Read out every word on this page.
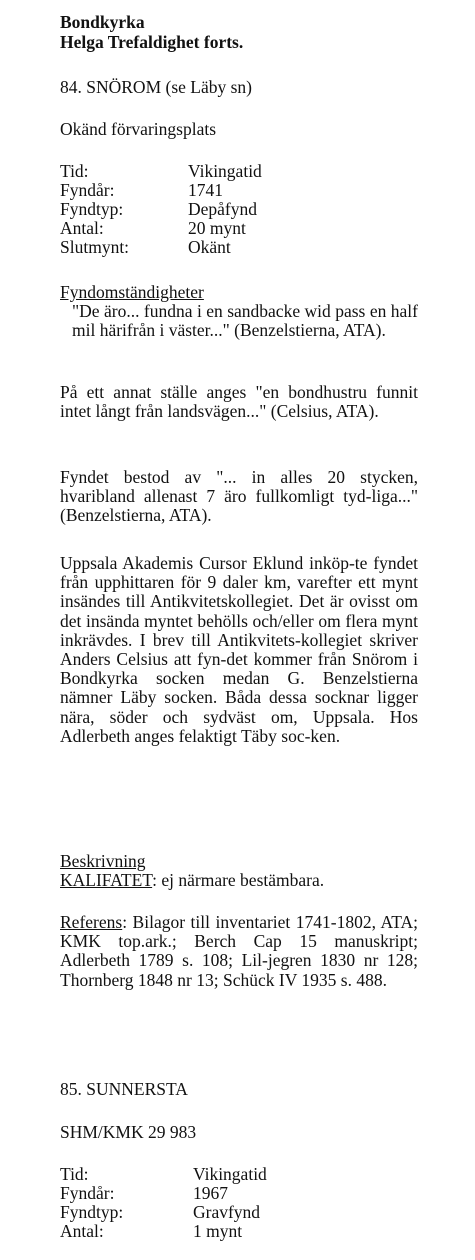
Bondkyrka
Helga Trefaldighet forts.
84. SNÖROM (se Läby sn)
Okänd förvaringsplats
Tid:	Vikingatid
Fyndår:	1741
Fyndtyp:	Depåfynd
Antal:	20 mynt
Slutmynt:	Okänt
Fyndomständigheter
"De äro... fundna i en sandbacke wid pass en half mil härifrån i väster..." (Benzelstierna, ATA).
På ett annat ställe anges "en bondhustru funnit intet långt från landsvägen..." (Celsius, ATA).
Fyndet bestod av "... in alles 20 stycken, hvaribland allenast 7 äro fullkomligt tyd-liga..." (Benzelstierna, ATA).
Uppsala Akademis Cursor Eklund inköp-te fyndet från upphittaren för 9 daler km, varefter ett mynt insändes till Antikvitetskollegiet. Det är ovisst om det insända myntet behölls och/eller om flera mynt inkrävdes. I brev till Antikvitets-kollegiet skriver Anders Celsius att fyn-det kommer från Snörom i Bondkyrka socken medan G. Benzelstierna nämner Läby socken. Båda dessa socknar ligger nära, söder och sydväst om, Uppsala. Hos Adlerbeth anges felaktigt Täby soc-ken.
Beskrivning
KALIFATET: ej närmare bestämbara.
Referens: Bilagor till inventariet 1741-1802, ATA; KMK top.ark.; Berch Cap 15 manuskript; Adlerbeth 1789 s. 108; Lil-jegren 1830 nr 128; Thornberg 1848 nr 13; Schück IV 1935 s. 488.
85. SUNNERSTA
SHM/KMK 29 983
Tid:	Vikingatid
Fyndår:	1967
Fyndtyp:	Gravfynd
Antal:	1 mynt
